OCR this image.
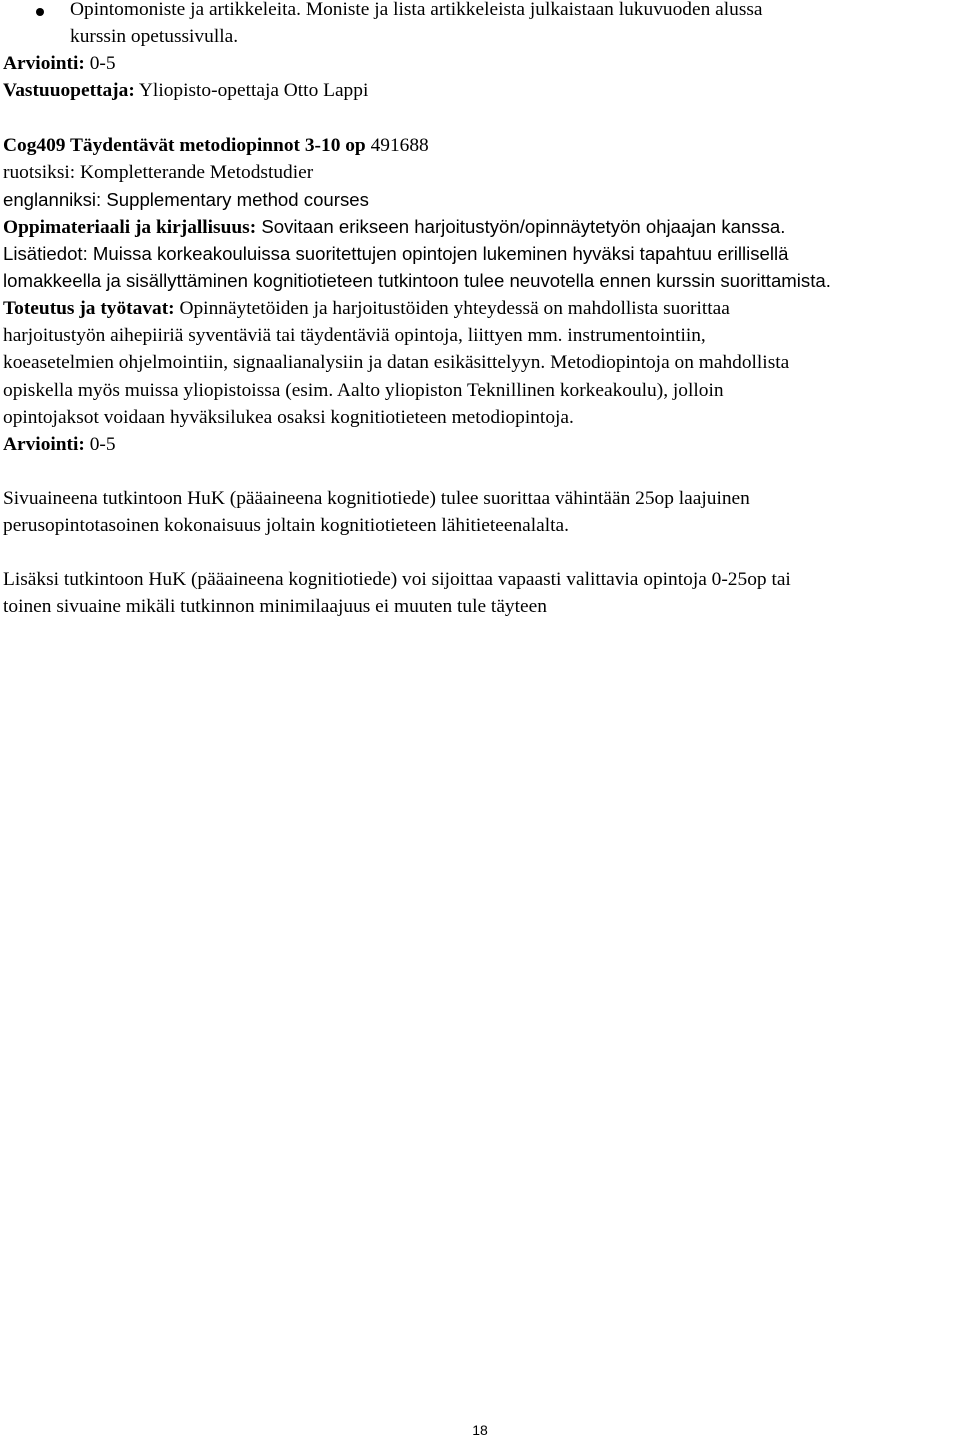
Opintomoniste ja artikkeleita. Moniste ja lista artikkeleista julkaistaan lukuvuoden alussa
kurssin opetussivulla.
Arviointi: 0-5
Vastuuopettaja: Yliopisto-opettaja Otto Lappi
Cog409 Täydentävät metodiopinnot 3-10 op 491688
ruotsiksi: Kompletterande Metodstudier
englanniksi: Supplementary method courses
Oppimateriaali ja kirjallisuus: Sovitaan erikseen harjoitustyön/opinnäytetyön ohjaajan kanssa.
Lisätiedot: Muissa korkeakouluissa suoritettujen opintojen lukeminen hyväksi tapahtuu erillisellä
lomakkeella ja sisällyttäminen kognitiotieteen tutkintoon tulee neuvotella ennen kurssin suorittamista.
Toteutus ja työtavat: Opinnäytetöiden ja harjoitustöiden yhteydessä on mahdollista suorittaa
harjoitustyön aihepiiriä syventäviä tai täydentäviä opintoja, liittyen mm. instrumentointiin,
koeasetelmien ohjelmointiin, signaalianalysiin ja datan esikäsittelyyn. Metodiopintoja on mahdollista
opiskella myös muissa yliopistoissa (esim. Aalto yliopiston Teknillinen korkeakoulu), jolloin
opintojaksot voidaan hyväksilukea osaksi kognitiotieteen metodiopintoja.
Arviointi: 0-5
Sivuaineena tutkintoon HuK (pääaineena kognitiotiede) tulee suorittaa vähintään 25op laajuinen
perusopintotasoinen kokonaisuus joltain kognitiotieteen lähitieteenalalta.
Lisäksi tutkintoon HuK (pääaineena kognitiotiede) voi sijoittaa vapaasti valittavia opintoja 0-25op tai
toinen sivuaine mikäli tutkinnon minimilaajuus ei muuten tule täyteen
18
